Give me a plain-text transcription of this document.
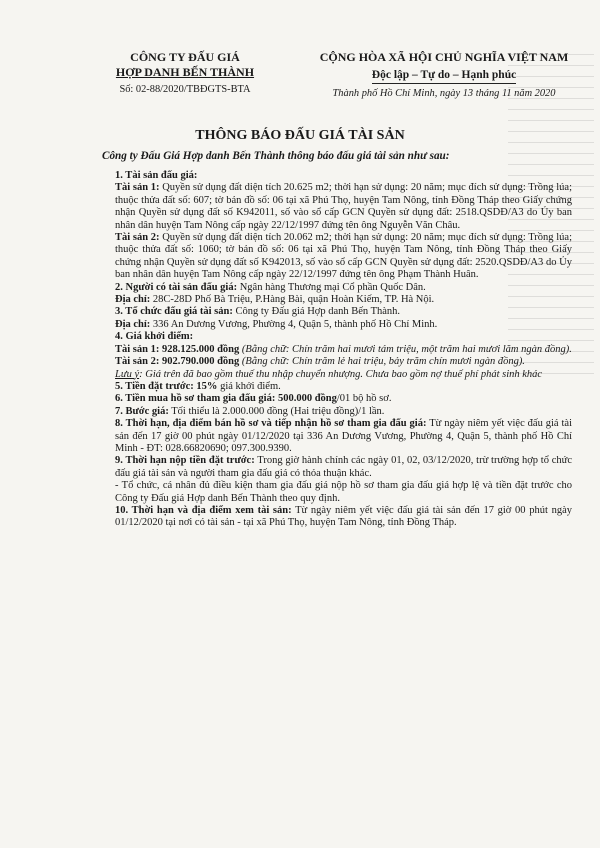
CÔNG TY ĐẤU GIÁ
HỢP DANH BẾN THÀNH
Số: 02-88/2020/TBĐGTS-BTA
CỘNG HÒA XÃ HỘI CHỦ NGHĨA VIỆT NAM
Độc lập – Tự do – Hạnh phúc
Thành phố Hồ Chí Minh, ngày 13 tháng 11 năm 2020
THÔNG BÁO ĐẤU GIÁ TÀI SẢN
Công ty Đấu Giá Hợp danh Bến Thành thông báo đấu giá tài sản như sau:

1. Tài sản đấu giá:

Tài sản 1: Quyền sử dụng đất diện tích 20.625 m2; thời hạn sử dụng: 20 năm; mục đích sử dụng: Trồng lúa; thuộc thửa đất số: 607; tờ bản đồ số: 06 tại xã Phú Thọ, huyện Tam Nông, tỉnh Đồng Tháp theo Giấy chứng nhận Quyền sử dụng đất số K942011, số vào sổ cấp GCN Quyền sử dụng đất: 2518.QSDĐ/A3 do Ủy ban nhân dân huyện Tam Nông cấp ngày 22/12/1997 đứng tên ông Nguyễn Văn Châu.

Tài sản 2: Quyền sử dụng đất diện tích 20.062 m2; thời hạn sử dụng: 20 năm; mục đích sử dụng: Trồng lúa; thuộc thửa đất số: 1060; tờ bản đồ số: 06 tại xã Phú Thọ, huyện Tam Nông, tỉnh Đồng Tháp theo Giấy chứng nhận Quyền sử dụng đất số K942013, số vào sổ cấp GCN Quyền sử dụng đất: 2520.QSDĐ/A3 do Ủy ban nhân dân huyện Tam Nông cấp ngày 22/12/1997 đứng tên ông Phạm Thành Huân.

2. Người có tài sản đấu giá: Ngân hàng Thương mại Cổ phần Quốc Dân.

Địa chỉ: 28C-28D Phố Bà Triệu, P.Hàng Bài, quận Hoàn Kiếm, TP. Hà Nội.

3. Tổ chức đấu giá tài sản: Công ty Đấu giá Hợp danh Bến Thành.

Địa chỉ: 336 An Dương Vương, Phường 4, Quận 5, thành phố Hồ Chí Minh.

4. Giá khởi điểm:

Tài sản 1: 928.125.000 đồng (Bằng chữ: Chín trăm hai mươi tám triệu, một trăm hai mươi lăm ngàn đồng).

Tài sản 2: 902.790.000 đồng (Bằng chữ: Chín trăm lẻ hai triệu, bảy trăm chín mươi ngàn đồng).

Lưu ý: Giá trên đã bao gồm thuế thu nhập chuyển nhượng. Chưa bao gồm nợ thuế phí phát sinh khác

5. Tiền đặt trước: 15% giá khởi điểm.

6. Tiền mua hồ sơ tham gia đấu giá: 500.000 đồng/01 bộ hồ sơ.

7. Bước giá: Tối thiểu là 2.000.000 đồng (Hai triệu đồng)/1 lần.

8. Thời hạn, địa điểm bán hồ sơ và tiếp nhận hồ sơ tham gia đấu giá: Từ ngày niêm yết việc đấu giá tài sản đến 17 giờ 00 phút ngày 01/12/2020 tại 336 An Dương Vương, Phường 4, Quận 5, thành phố Hồ Chí Minh - ĐT: 028.66820690; 097.300.9390.

9. Thời hạn nộp tiền đặt trước: Trong giờ hành chính các ngày 01, 02, 03/12/2020, trừ trường hợp tổ chức đấu giá tài sản và người tham gia đấu giá có thỏa thuận khác.

- Tổ chức, cá nhân đủ điều kiện tham gia đấu giá nộp hồ sơ tham gia đấu giá hợp lệ và tiền đặt trước cho Công ty Đấu giá Hợp danh Bến Thành theo quy định.

10. Thời hạn và địa điểm xem tài sản: Từ ngày niêm yết việc đấu giá tài sản đến 17 giờ 00 phút ngày 01/12/2020 tại nơi có tài sản - tại xã Phú Thọ, huyện Tam Nông, tỉnh Đồng Tháp.
